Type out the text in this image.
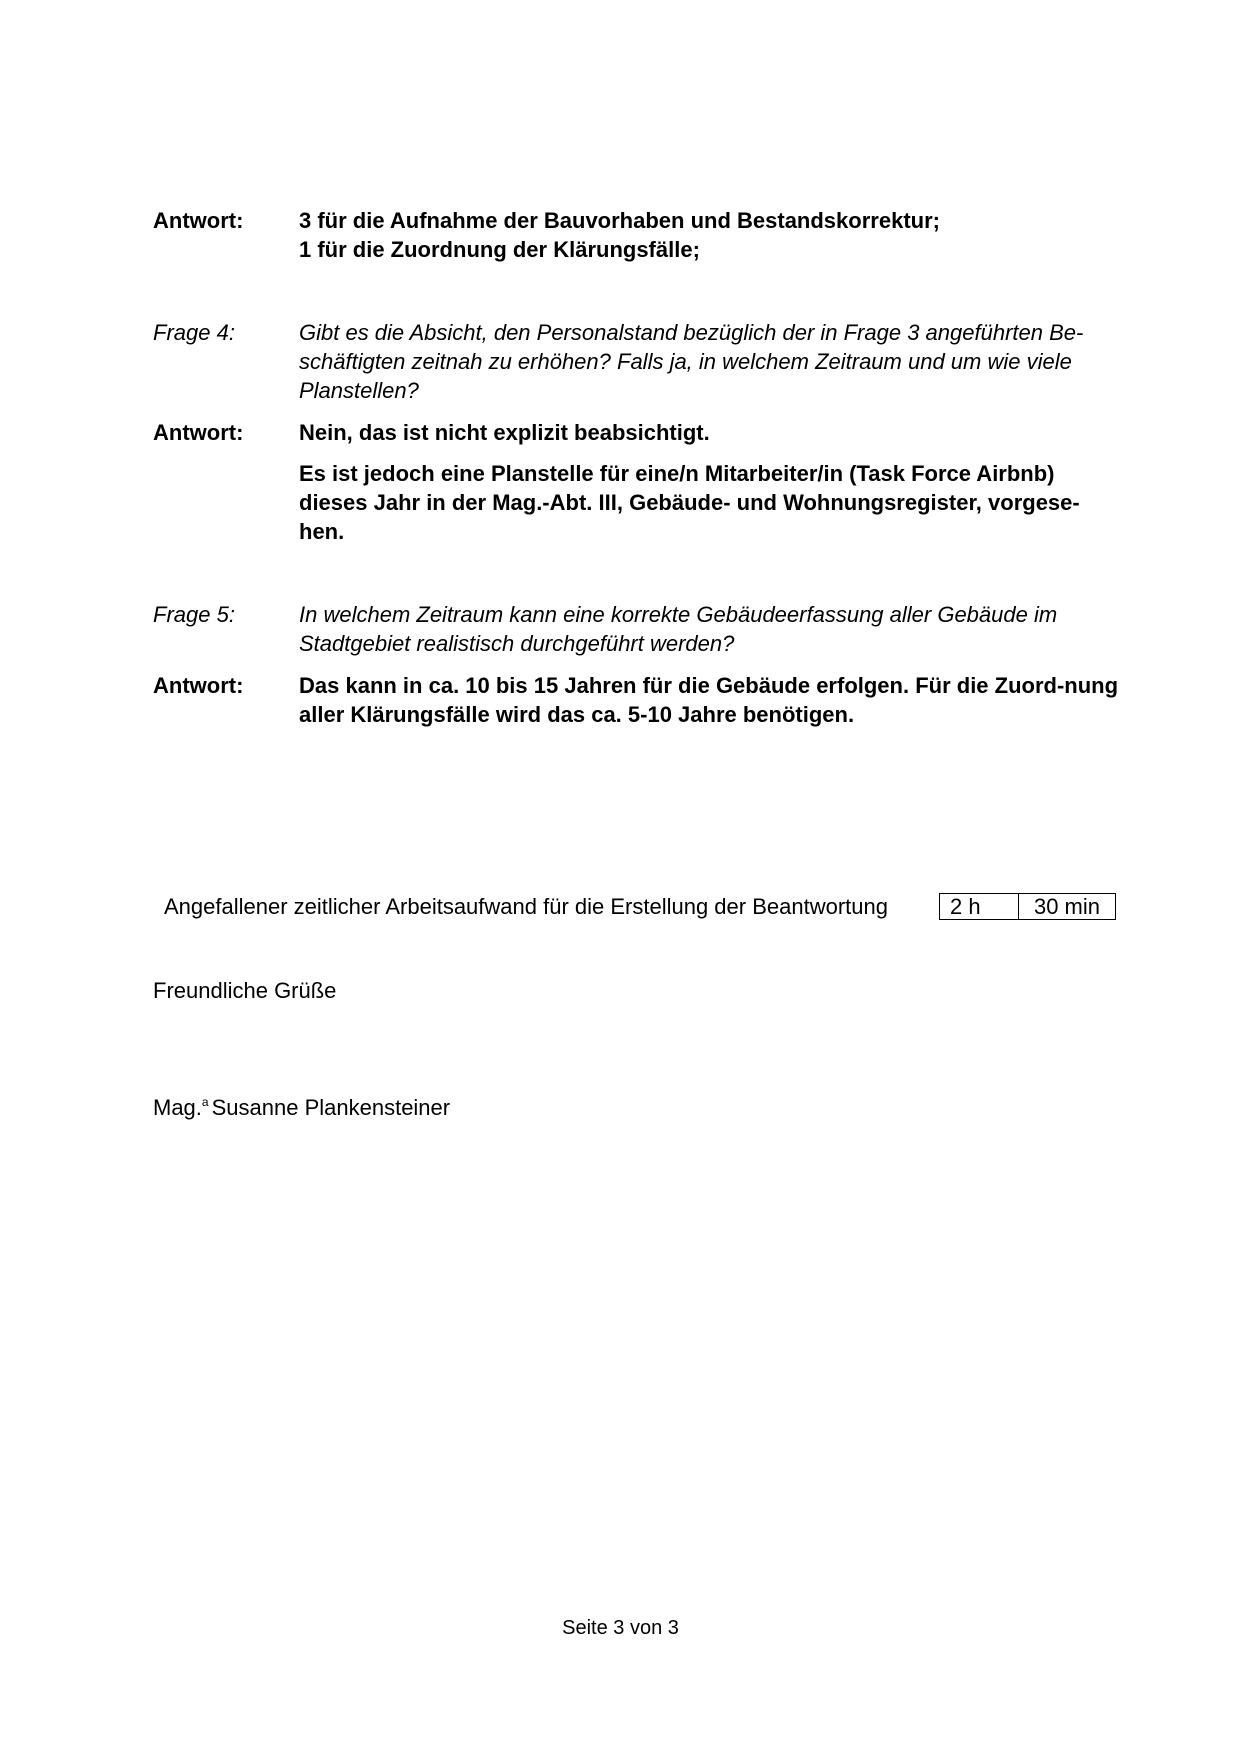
Antwort:	3 für die Aufnahme der Bauvorhaben und Bestandskorrektur;
1 für die Zuordnung der Klärungsfälle;
Frage 4:	Gibt es die Absicht, den Personalstand bezüglich der in Frage 3 angeführten Be-schäftigten zeitnah zu erhöhen? Falls ja, in welchem Zeitraum und um wie viele Planstellen?
Antwort:	Nein, das ist nicht explizit beabsichtigt.

Es ist jedoch eine Planstelle für eine/n Mitarbeiter/in (Task Force Airbnb) dieses Jahr in der Mag.-Abt. III, Gebäude- und Wohnungsregister, vorgese-hen.

Frage 5:	In welchem Zeitraum kann eine korrekte Gebäudeerfassung aller Gebäude im Stadtgebiet realistisch durchgeführt werden?
Antwort:	Das kann in ca. 10 bis 15 Jahren für die Gebäude erfolgen. Für die Zuord-nung aller Klärungsfälle wird das ca. 5-10 Jahre benötigen.
Angefallener zeitlicher Arbeitsaufwand für die Erstellung der Beantwortung	2 h	30 min
Freundliche Grüße
Mag.$^a$ Susanne Plankensteiner
Seite 3 von 3
